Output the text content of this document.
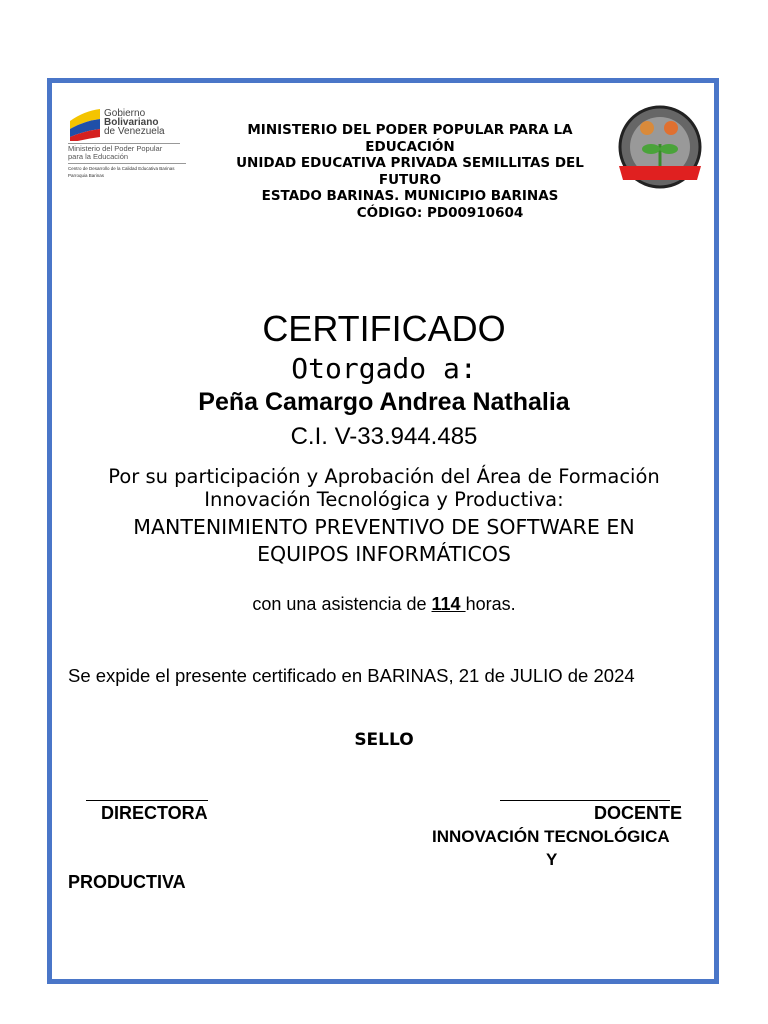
Gobierno
Bolivariano
de Venezuela
Ministerio del Poder Popular
para la Educación
Centro de Desarrollo de la Calidad Educativa Barinas
Parroquia Barinas
MINISTERIO DEL PODER POPULAR PARA LA
EDUCACIÓN
UNIDAD EDUCATIVA PRIVADA SEMILLITAS DEL
FUTURO
ESTADO BARINAS. MUNICIPIO BARINAS
CÓDIGO: PD00910604
CERTIFICADO
Otorgado a:
Peña Camargo Andrea Nathalia
C.I. V-33.944.485
Por su participación y Aprobación del Área de Formación
Innovación Tecnológica y Productiva:
MANTENIMIENTO PREVENTIVO DE SOFTWARE EN
EQUIPOS INFORMÁTICOS
con una asistencia de 114 horas.
Se expide el presente certificado en BARINAS, 21 de JULIO de 2024
SELLO
DIRECTORA	DOCENTE
INNOVACIÓN TECNOLÓGICA
Y
PRODUCTIVA
